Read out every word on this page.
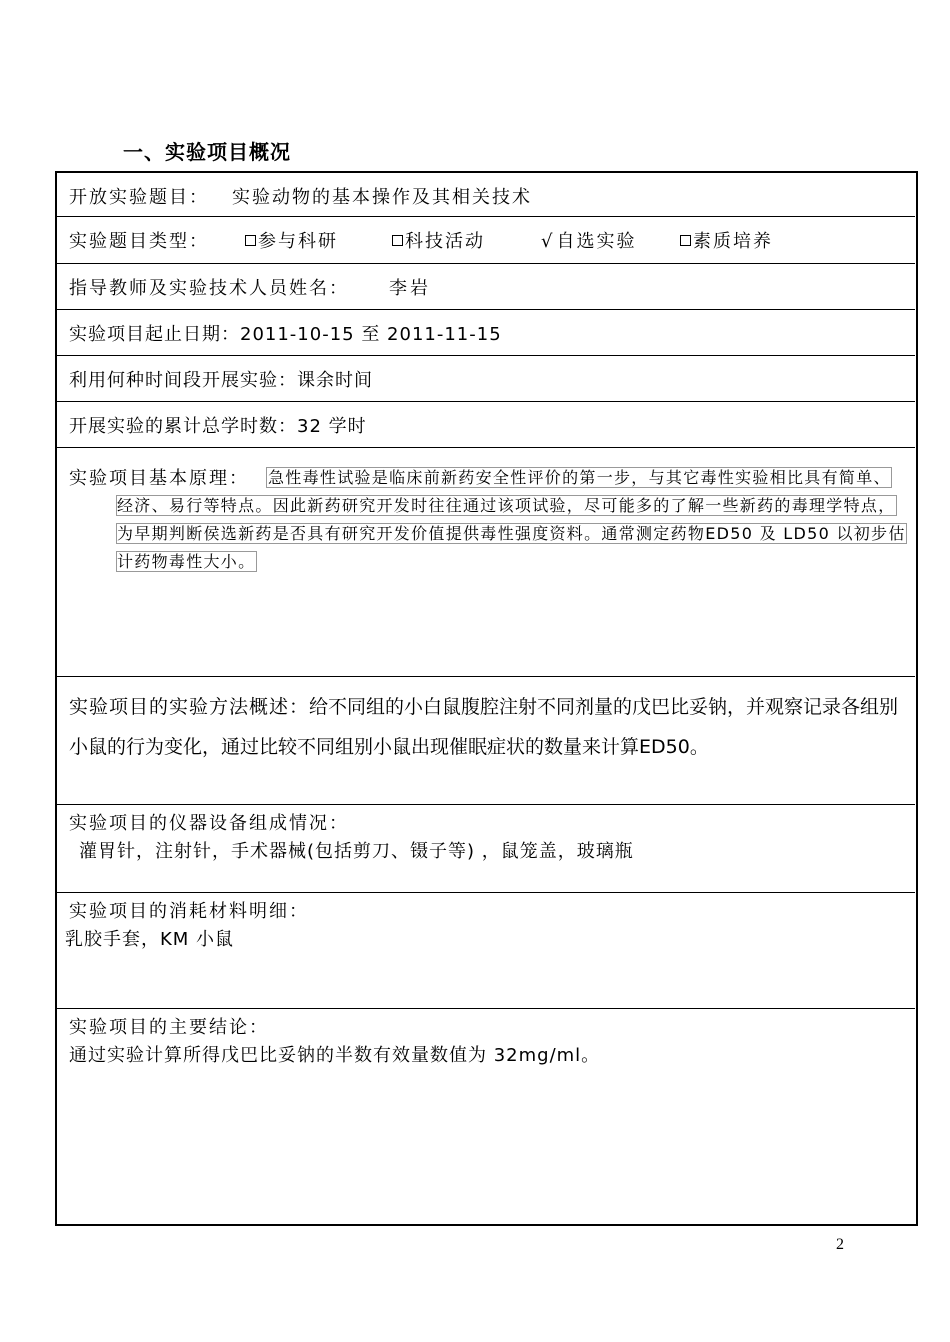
一、实验项目概况
开放实验题目： 实验动物的基本操作及其相关技术
实验题目类型：	参与科研	科技活动	√ 自选实验	素质培养
指导教师及实验技术人员姓名： 李岩
实验项目起止日期：2011-10-15 至 2011-11-15
利用何种时间段开展实验：课余时间
开展实验的累计总学时数：32 学时
实验项目基本原理：	急性毒性试验是临床前新药安全性评价的第一步，与其它毒性实验相比具有简单、经济、易行等特点。因此新药研究开发时往往通过该项试验，尽可能多的了解一些新药的毒理学特点，为早期判断侯选新药是否具有研究开发价值提供毒性强度资料。通常测定药物ED50 及 LD50 以初步估计药物毒性大小。

实验项目的实验方法概述：给不同组的小白鼠腹腔注射不同剂量的戊巴比妥钠，并观察记录各组别小鼠的行为变化，通过比较不同组别小鼠出现催眠症状的数量来计算ED50。

实验项目的仪器设备组成情况：
灌胃针，注射针，手术器械(包括剪刀、镊子等) ，鼠笼盖，玻璃瓶
实验项目的消耗材料明细：
乳胶手套，KM 小鼠
实验项目的主要结论：
通过实验计算所得戊巴比妥钠的半数有效量数值为 32mg/ml。
2
